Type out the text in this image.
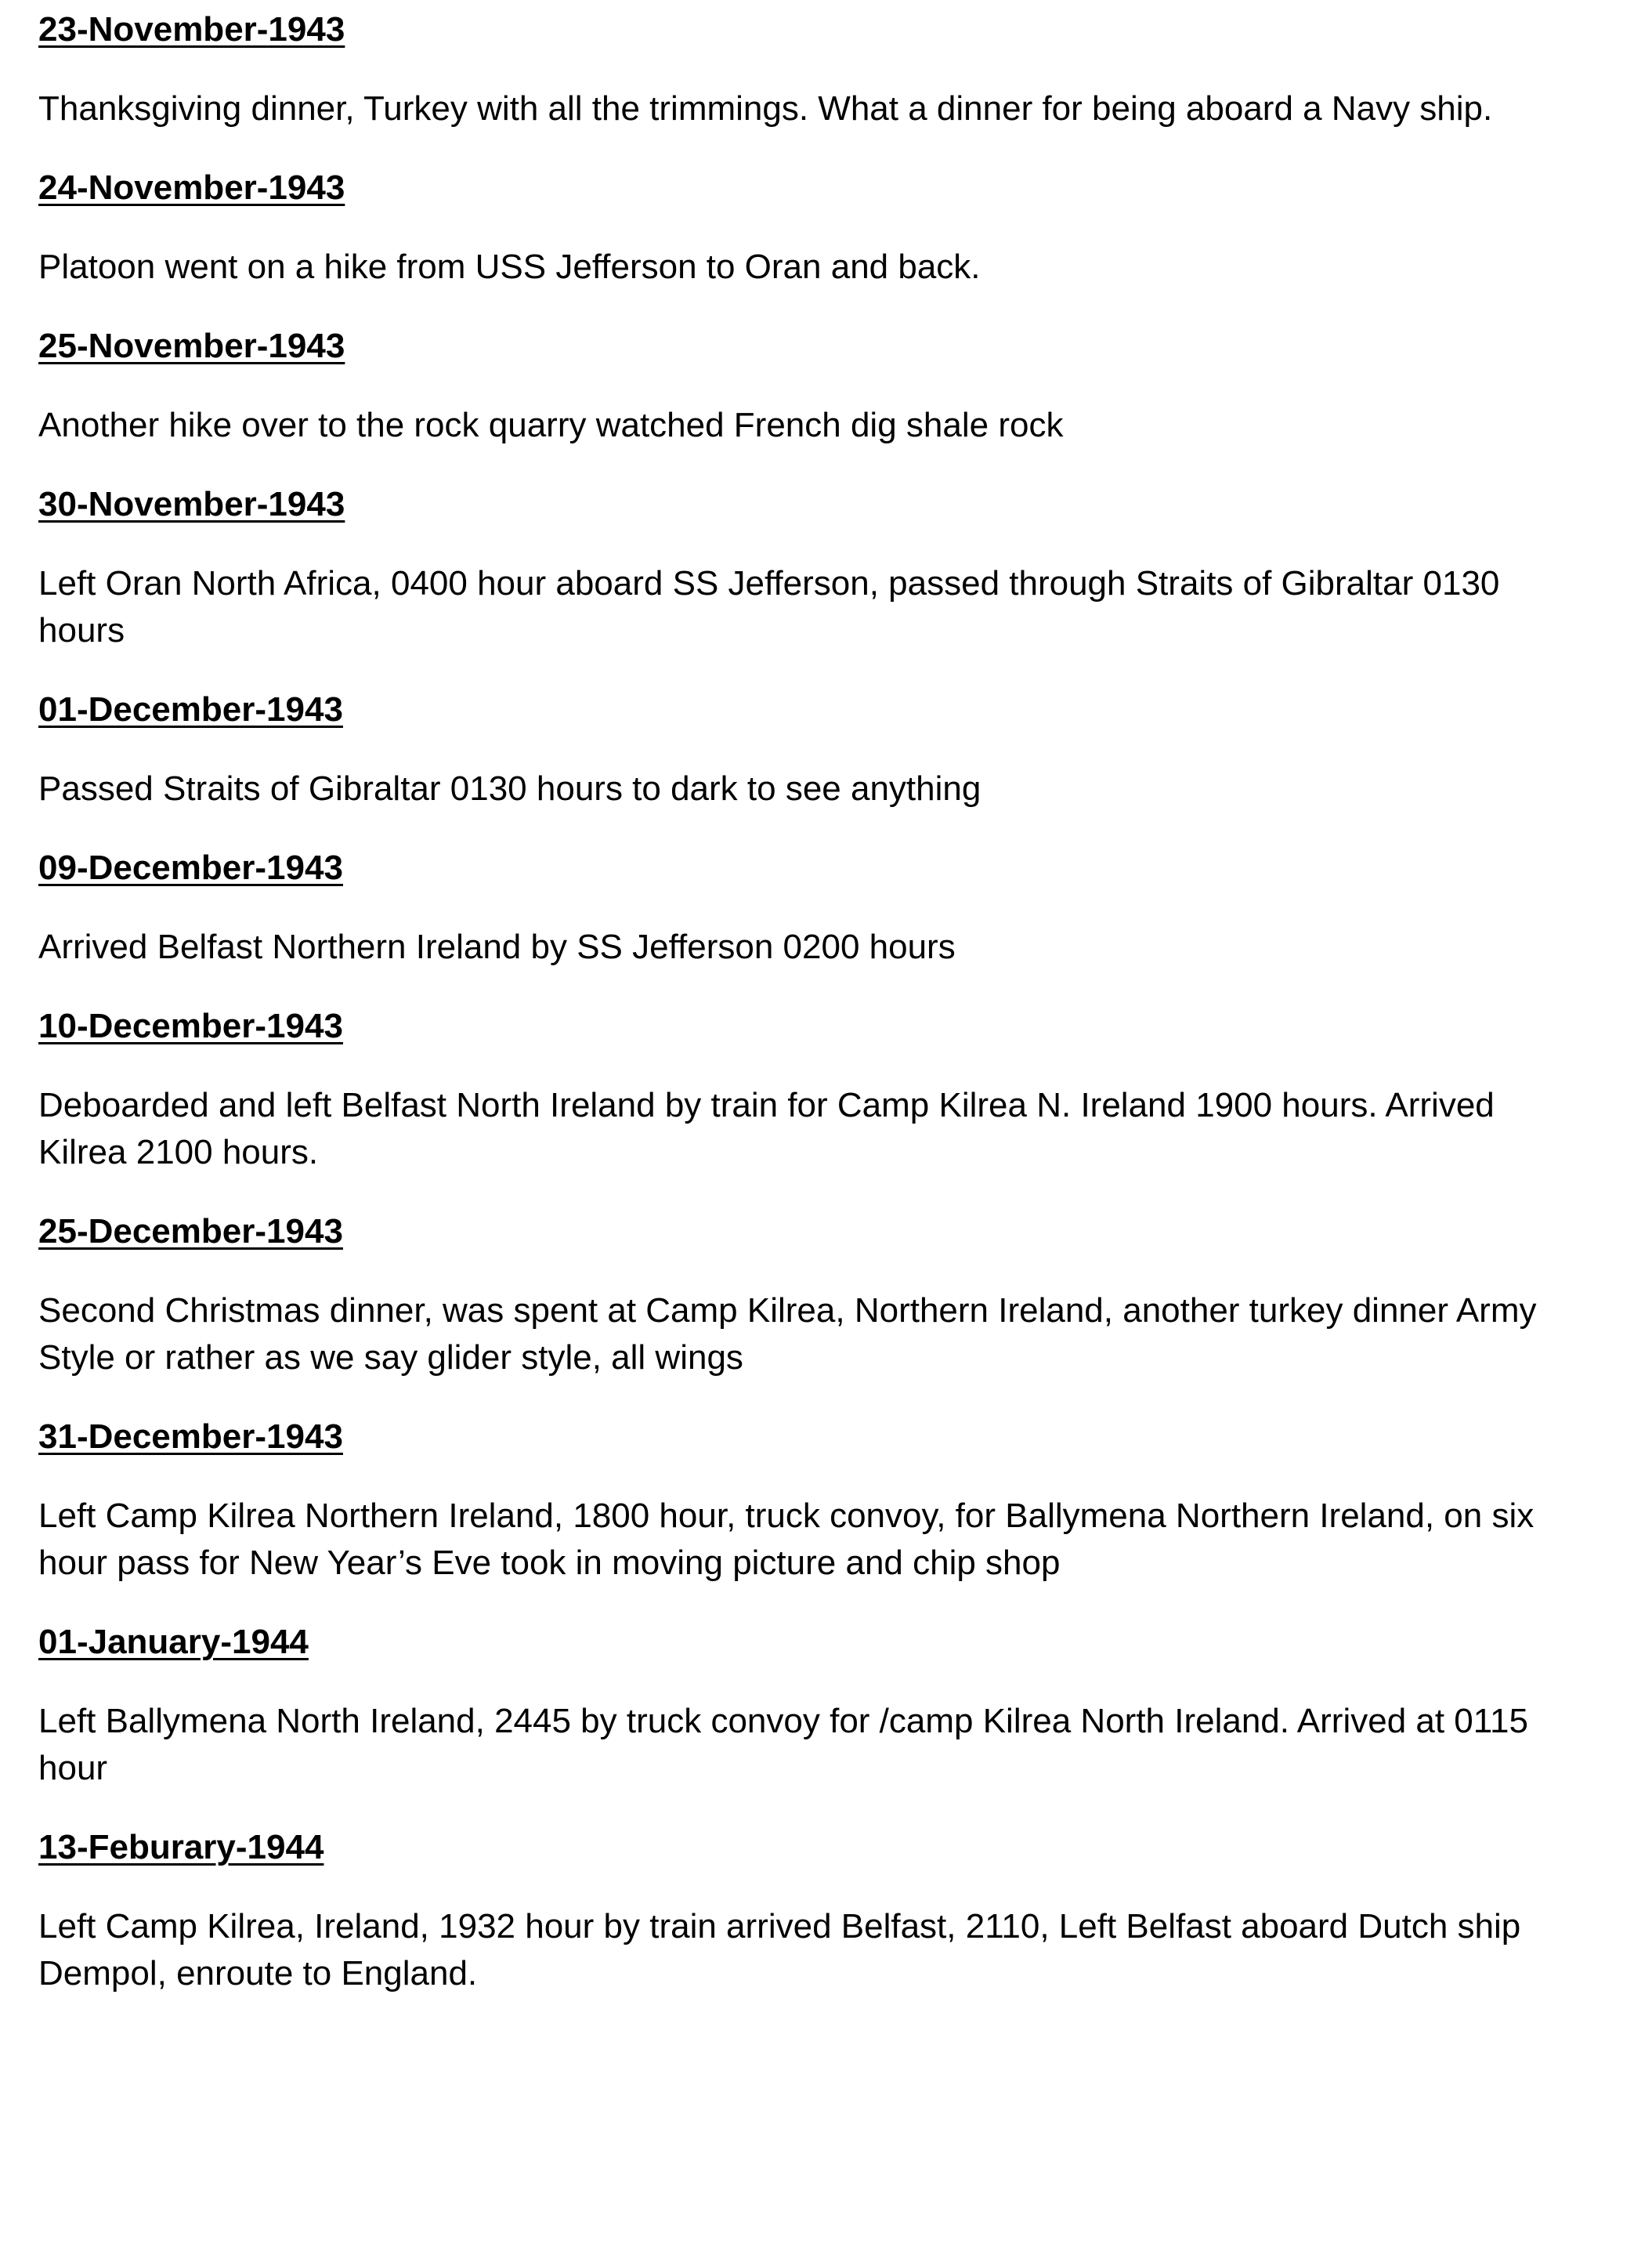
23-November-1943

Thanksgiving dinner, Turkey with all the trimmings. What a dinner for being aboard a Navy ship.

24-November-1943

Platoon went on a hike from USS Jefferson to Oran and back.

25-November-1943

Another hike over to the rock quarry watched French dig shale rock

30-November-1943

Left Oran North Africa, 0400 hour aboard SS Jefferson, passed through Straits of Gibraltar 0130 hours

01-December-1943

Passed Straits of Gibraltar 0130 hours to dark to see anything

09-December-1943

Arrived Belfast Northern Ireland by SS Jefferson 0200 hours

10-December-1943

Deboarded and left Belfast North Ireland by train for Camp Kilrea N. Ireland 1900 hours. Arrived Kilrea 2100 hours.

25-December-1943

Second Christmas dinner, was spent at Camp Kilrea, Northern Ireland, another turkey dinner Army Style or rather as we say glider style, all wings

31-December-1943

Left Camp Kilrea Northern Ireland, 1800 hour, truck convoy, for Ballymena Northern Ireland, on six hour pass for New Year’s Eve took in moving picture and chip shop

01-January-1944

Left Ballymena North Ireland, 2445 by truck convoy for /camp Kilrea North Ireland. Arrived at 0115 hour

13-Feburary-1944

Left Camp Kilrea, Ireland, 1932 hour by train arrived Belfast, 2110, Left Belfast aboard Dutch ship Dempol, enroute to England.
